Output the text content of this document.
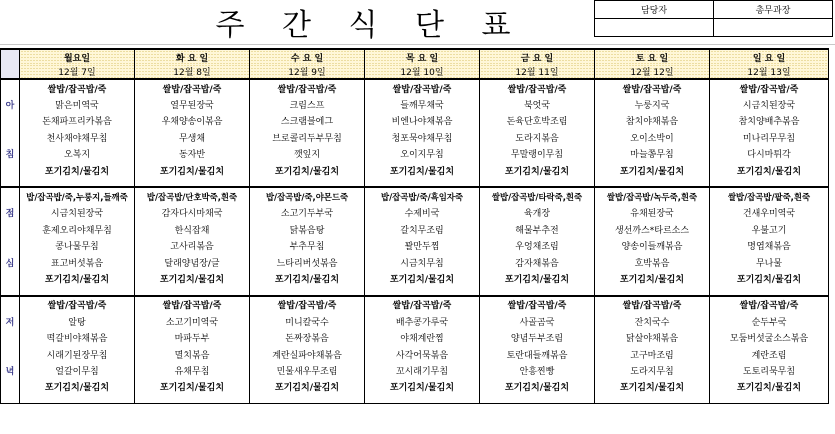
주 간 식 단 표	담당자	총무과장

	월요일	화 요 일	수 요 일	목 요 일	금 요 일	토 요 일	일 요 일
	12월 7일	12월 8일	12월 9일	12월 10일	12월 11일	12월 12일	12월 13일
	쌀밥/잡곡밥/죽	쌀밥/잡곡밥/죽	쌀밥/잡곡밥/죽	쌀밥/잡곡밥/죽	쌀밥/잡곡밥/죽	쌀밥/잡곡밥/죽	쌀밥/잡곡밥/죽
아	맑은미역국	열무된장국	크림스프	들깨무채국	북엇국	누룽지국	시금치된장국
	돈채파프리카볶음	우채양송이볶음	스크램블에그	비엔나야채볶음	돈육단호박조림	참치야채볶음	참치양배추볶음
	천사채야채무침	무생채	브로콜리두부무침	청포묵야채무침	도라지볶음	오이소박이	미나리무무침
침	오복지	동자반	깻잎지	오이지무침	무말랭이무침	마늘쫑무침	다시마튀각
	포기김치/물김치	포기김치/물김치	포기김치/물김치	포기김치/물김치	포기김치/물김치	포기김치/물김치	포기김치/물김치

	밥/잡곡밥/죽,누룽지,들깨죽	밥/잡곡밥/단호박죽,흰죽	밥/잡곡밥/죽,야몬드죽	밥/잡곡밥/죽/흑임자죽	쌀밥/잡곡밥/타락죽,흰죽	쌀밥/잡곡밥/녹두죽,흰죽	쌀밥/잡곡밥/팥죽,흰죽
점	시금치된장국	감자다시마채국	소고기두부국	수제비국	육개장	유채된장국	건새우미역국
	훈제오리야채무침	한식잡채	닭볶음탕	갈치무조림	해물부추전	생선까스*타르소스	우불고기
	콩나물무침	고사리볶음	부추무침	꽐만두찜	우엉채조림	양송이들깨볶음	명엽채볶음
심	표고버섯볶음	달래양념장/글	느타리버섯볶음	시금치무침	감자채볶음	호박볶음	무나물
	포기김치/물김치	포기김치/물김치	포기김치/물김치	포기김치/물김치	포기김치/물김치	포기김치/물김치	포기김치/물김치

	쌀밥/잡곡밥/죽	쌀밥/잡곡밥/죽	쌀밥/잡곡밥/죽	쌀밥/잡곡밥/죽	쌀밥/잡곡밥/죽	쌀밥/잡곡밥/죽	쌀밥/잡곡밥/죽
저	알탕	소고기미역국	미니칼국수	배추콩가루국	사골곰국	잔치국수	순두부국
	떡갈비야채볶음	마파두부	돈짜장볶음	야채계란찜	양념두부조림	닭살야채볶음	모둠버섯굴소스볶음
	시래기된장무침	멸치볶음	계란실파야채볶음	사각어묵볶음	토란대들깨볶음	고구마조림	계란조림
녁	얼갈이무침	유채무침	민물새우무조림	꼬시래기무침	안흥찐빵	도라지무침	도토리묵무침
	포기김치/물김치	포기김치/물김치	포기김치/물김치	포기김치/물김치	포기김치/물김치	포기김치/물김치	포기김치/물김치
